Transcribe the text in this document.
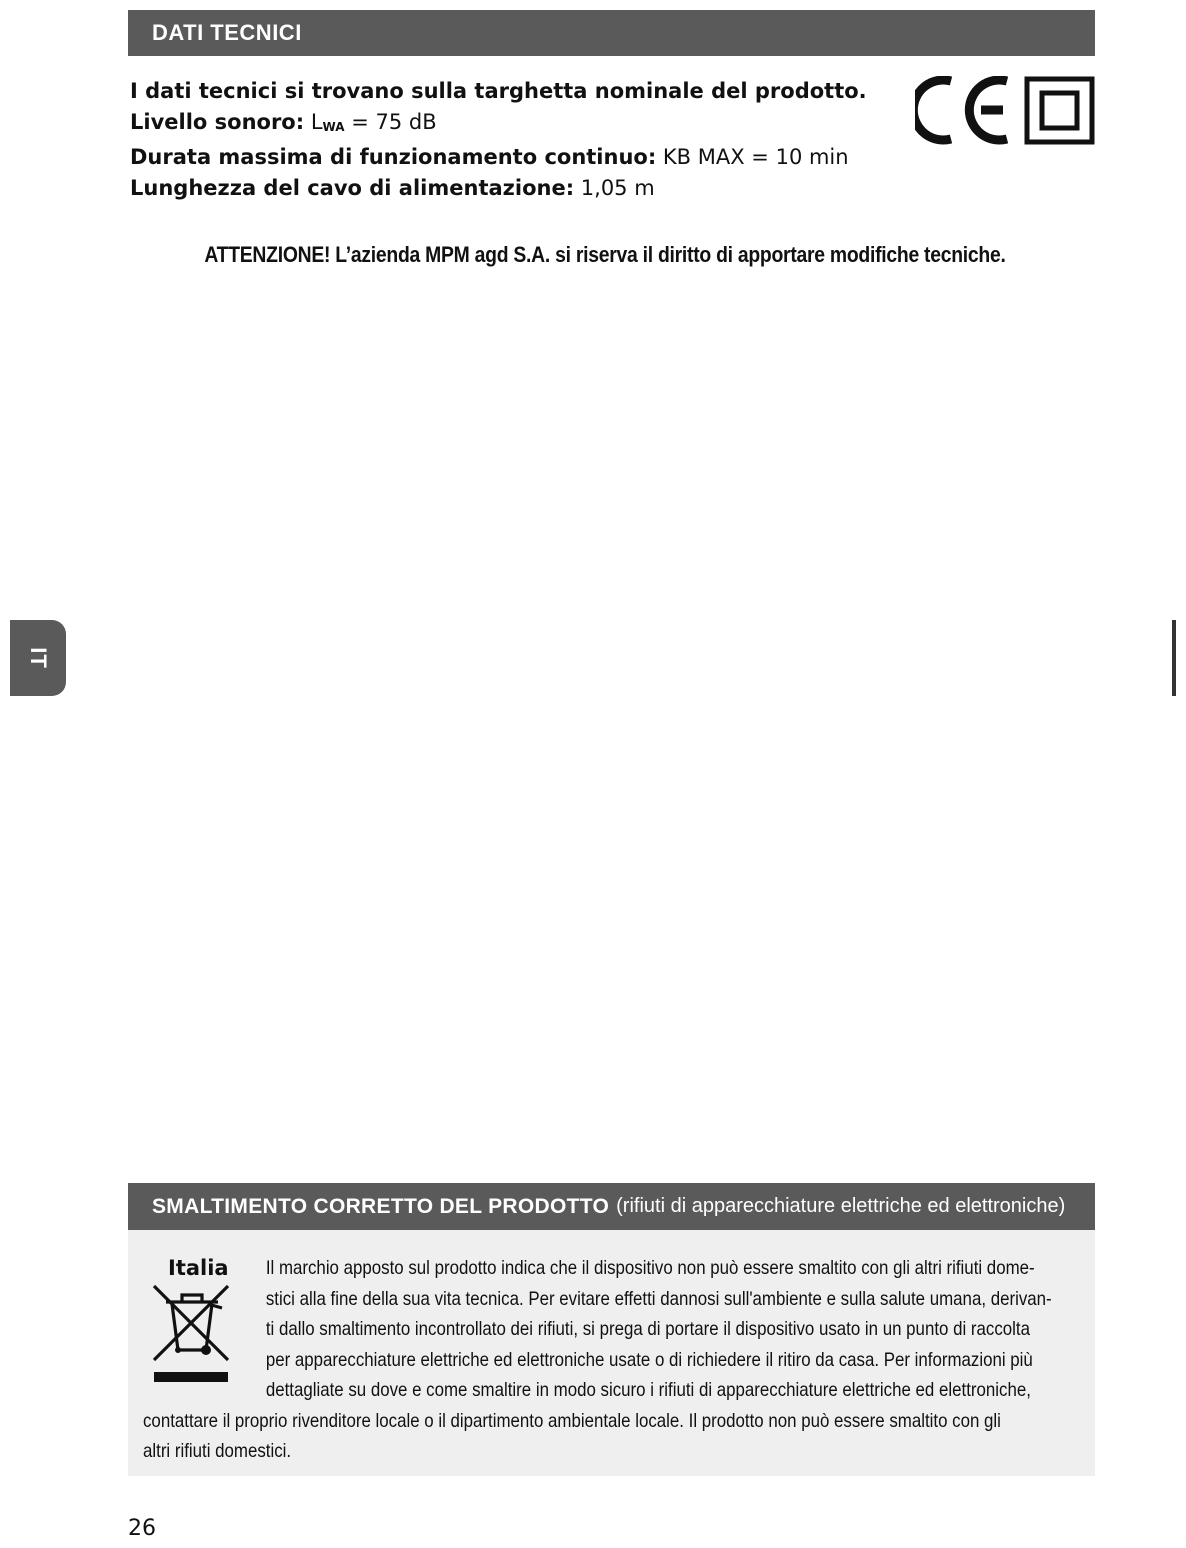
DATI TECNICI
I dati tecnici si trovano sulla targhetta nominale del prodotto.
Livello sonoro: $L_{WA} = 75$ dB
Durata massima di funzionamento continuo: KB MAX = 10 min
Lunghezza del cavo di alimentazione: 1,05 m
ATTENZIONE! L’azienda MPM agd S.A. si riserva il diritto di apportare modifiche tecniche.
IT
SMALTIMENTO CORRETTO DEL PRODOTTO (rifiuti di apparecchiature elettriche ed elettroniche)
Italia	Il marchio apposto sul prodotto indica che il dispositivo non può essere smaltito con gli altri rifiuti dome-
stici alla fine della sua vita tecnica. Per evitare effetti dannosi sull'ambiente e sulla salute umana, derivan-
ti dallo smaltimento incontrollato dei rifiuti, si prega di portare il dispositivo usato in un punto di raccolta
per apparecchiature elettriche ed elettroniche usate o di richiedere il ritiro da casa. Per informazioni più
dettagliate su dove e come smaltire in modo sicuro i rifiuti di apparecchiature elettriche ed elettroniche,
contattare il proprio rivenditore locale o il dipartimento ambientale locale. Il prodotto non può essere smaltito con gli
altri rifiuti domestici.
26
